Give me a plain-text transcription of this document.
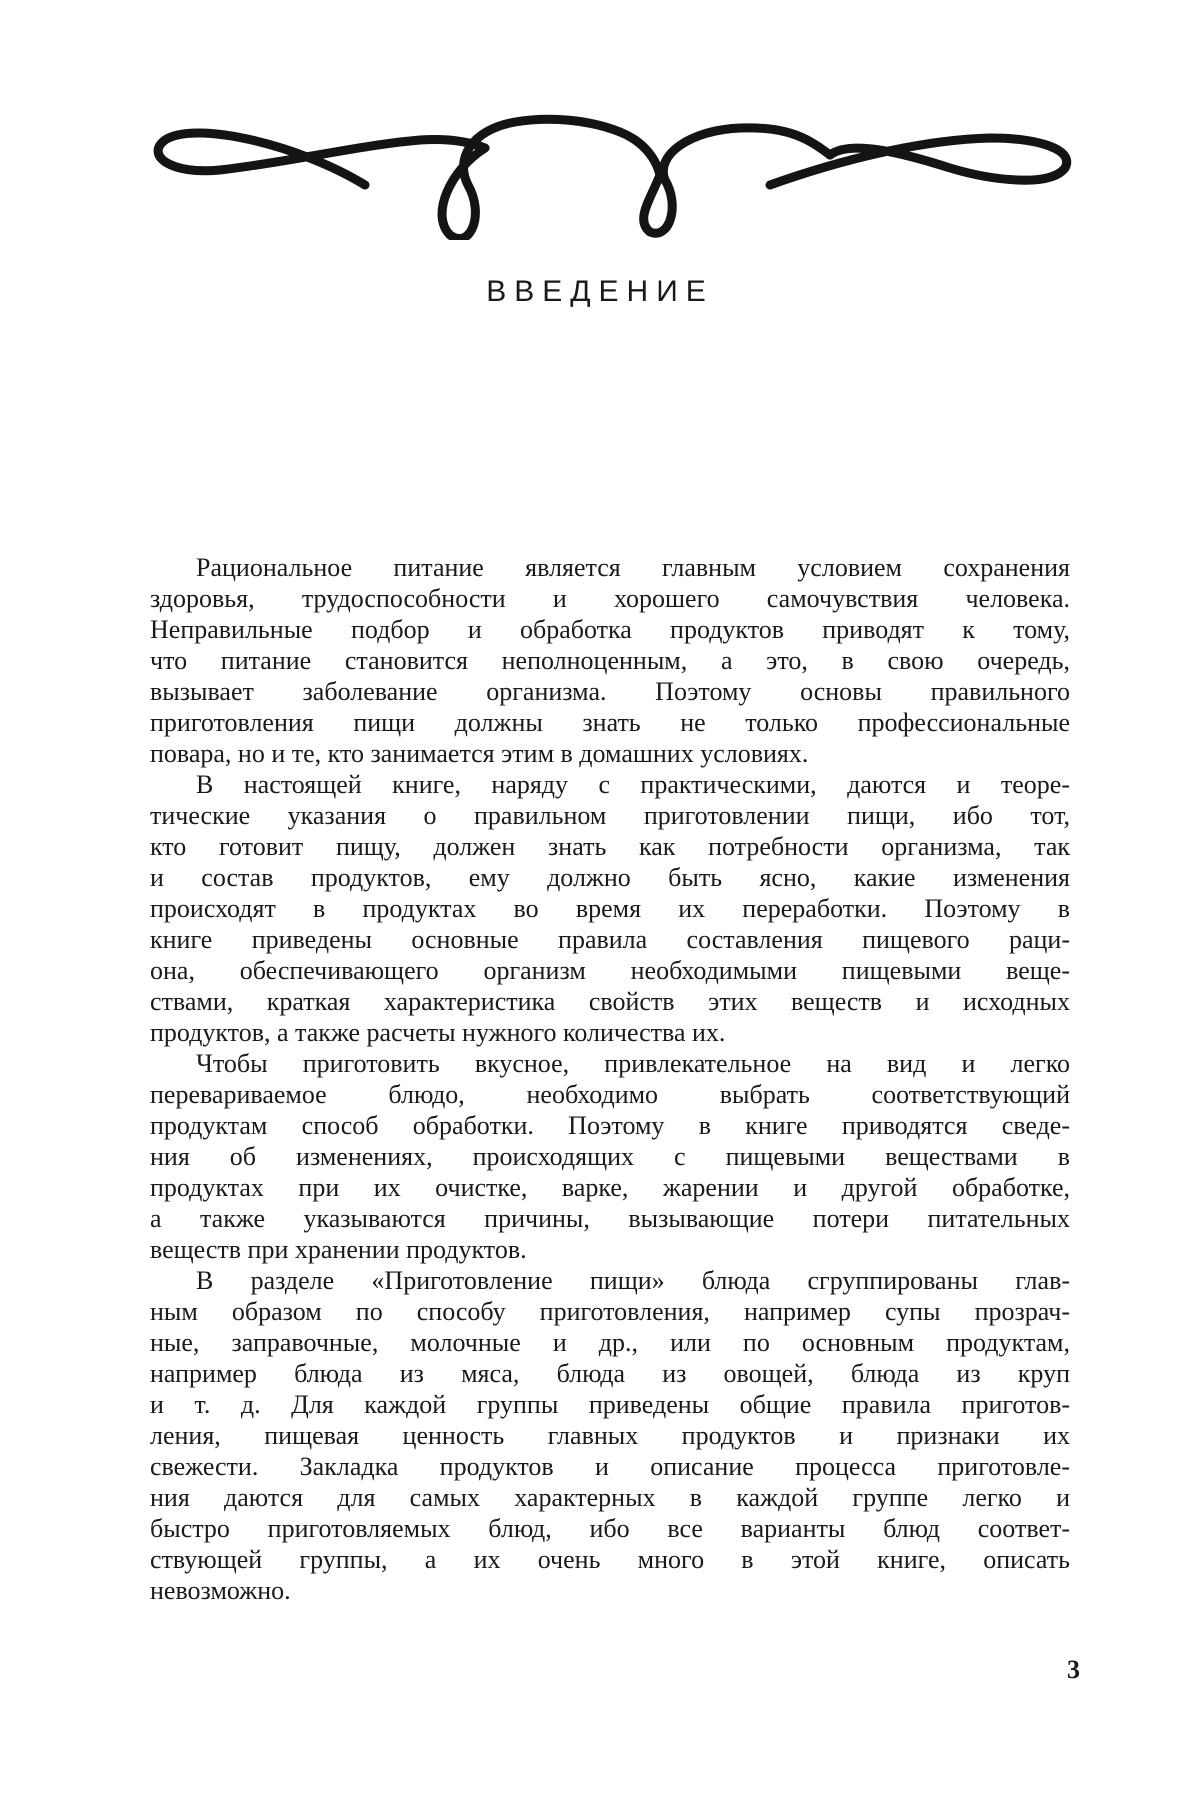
ВВЕДЕНИЕ
Рациональное питание является главным условием сохранения
здоровья, трудоспособности и хорошего самочувствия человека.
Неправильные подбор и обработка продуктов приводят к тому,
что питание становится неполноценным, а это, в свою очередь,
вызывает заболевание организма. Поэтому основы правильного
приготовления пищи должны знать не только профессиональные
повара, но и те, кто занимается этим в домашних условиях.
В настоящей книге, наряду с практическими, даются и теоре-
тические указания о правильном приготовлении пищи, ибо тот,
кто готовит пищу, должен знать как потребности организма, так
и состав продуктов, ему должно быть ясно, какие изменения
происходят в продуктах во время их переработки. Поэтому в
книге приведены основные правила составления пищевого раци-
она, обеспечивающего организм необходимыми пищевыми веще-
ствами, краткая характеристика свойств этих веществ и исходных
продуктов, а также расчеты нужного количества их.
Чтобы приготовить вкусное, привлекательное на вид и легко
перевариваемое блюдо, необходимо выбрать соответствующий
продуктам способ обработки. Поэтому в книге приводятся сведе-
ния об изменениях, происходящих с пищевыми веществами в
продуктах при их очистке, варке, жарении и другой обработке,
а также указываются причины, вызывающие потери питательных
веществ при хранении продуктов.
В разделе «Приготовление пищи» блюда сгруппированы глав-
ным образом по способу приготовления, например супы прозрач-
ные, заправочные, молочные и др., или по основным продуктам,
например блюда из мяса, блюда из овощей, блюда из круп
и т. д. Для каждой группы приведены общие правила приготов-
ления, пищевая ценность главных продуктов и признаки их
свежести. Закладка продуктов и описание процесса приготовле-
ния даются для самых характерных в каждой группе легко и
быстро приготовляемых блюд, ибо все варианты блюд соответ-
ствующей группы, а их очень много в этой книге, описать
невозможно.
3
